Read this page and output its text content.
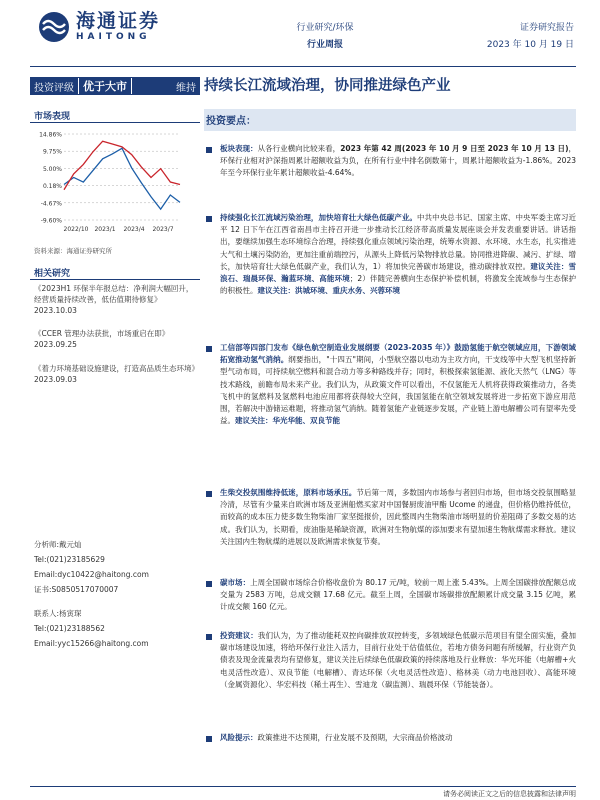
海通证券
HAITONG
行业研究/环保
行业周报
证券研究报告
2023 年 10 月 19 日
投资评级 优于大市	维持 持续长江流域治理，协同推进绿色产业
市场表现
14.86%
9.75%
5.00%
0.18%
-4.67%
-9.60%
2022/10 2023/1 2023/4 2023/7
资料来源：海通证券研究所
相关研究
《2023H1 环保半年报总结：净利润大幅回升，经营质量持续改善，低估值期待修复》
2023.10.03
《CCER 管理办法获批，市场重启在即》
2023.09.25
《着力环境基础设施建设，打造高品质生态环境》
2023.09.03
分析师:戴元灿
Tel:(021)23185629
Email:dyc10422@haitong.com
证书:S0850517070007
联系人:杨寅琛
Tel:(021)23188562
Email:yyc15266@haitong.com
投资要点：
板块表现：从各行业横向比较来看，2023 年第 42 周(2023 年 10 月 9 日至 2023 年 10 月 13 日)，环保行业相对沪深指周累计超额收益为负，在所有行业中排名倒数第十，周累计超额收益为-1.86%。2023 年至今环保行业年累计超额收益-4.64%。
持续强化长江流域污染治理，加快培育壮大绿色低碳产业。中共中央总书记、国家主席、中央军委主席习近平 12 日下午在江西省南昌市主持召开进一步推动长江经济带高质量发展座谈会并发表重要讲话。讲话指出，要继续加强生态环境综合治理，持续强化重点领域污染治理，统筹水资源、水环境、水生态，扎实推进大气和土壤污染防治，更加注重前端控污，从源头上降低污染物排放总量。协同推进降碳、减污、扩绿、增长，加快培育壮大绿色低碳产业，我们认为，1）将加快完善碳市场建设，推动碳排放双控。建议关注：雪浪石、瑞晨环保、瀚蓝环境、高能环境；2）伴随完善横向生态保护补偿机制，将激发全流域参与生态保护的积极性。建议关注：洪城环境、重庆水务、兴蓉环境
工信部等四部门发布《绿色航空制造业发展纲要（2023-2035 年）》鼓励氢能于航空领域应用，下游领域拓宽推动氢气消纳。纲要指出，"十四五"期间，小型航空器以电动为主攻方向，干支线等中大型飞机坚持新型气动布局，可持续航空燃料和混合动力等多种路线并存；同时，积极探索氢能源、液化天然气（LNG）等技术路线，前瞻布局未来产业。我们认为，从政策文件可以看出，不仅氢能无人机将获得政策推动力，各类飞机中的氢燃料及氢燃料电池应用都将获得较大空间，我国氢能在航空领域发展将进一步拓宽下游应用范围，若解决中游储运难题，将推动氢气消纳。随着氢能产业链逐步发展，产业链上游电解槽公司有望率先受益。建议关注：华光华能、双良节能
生柴交投氛围维持低迷，原料市场承压。节后第一周，多数国内市场参与者回归市场，但市场交投氛围略显冷清，尽管有少量来自欧洲市场及亚洲船燃买家对中国餐厨废油甲酯 Ucome 的递盘，但价格仍维持低位，而较高的成本压力使多数生物柴油厂家坚挺报价，因此整周内生物柴油市场明显的价差阻碍了多数交易的达成。我们认为，长期看，废油脂是稀缺资源，欧洲对生物航煤的添加要求有望加速生物航煤需求释放。建议关注国内生物航煤的进展以及欧洲需求恢复节奏。
碳市场：上周全国碳市场综合价格收盘价为 80.17 元/吨，较前一周上涨 5.43%。上周全国碳排放配额总成交量为 2583 万吨，总成交额 17.68 亿元。截至上周，全国碳市场碳排放配额累计成交量 3.15 亿吨，累计成交额 160 亿元。
投资建议：我们认为，为了推动能耗双控向碳排放双控转变，多领域绿色低碳示范项目有望全面实施，叠加碳市场建设加速，将给环保行业注入活力，目前行业处于估值低位，若地方债务问题有所缓解，行业资产负债表及现金流量表均有望修复，建议关注后续绿色低碳政策的持续落地及行业释放：华光环能（电解槽+火电灵活性改造）、双良节能（电解槽）、青达环保（火电灵活性改造）、格林美（动力电池回收）、高能环境（金属资源化）、华宏科技（稀土再生）、雪迪龙（碳监测）、瑞晨环保（节能装备）。
风险提示：政策推进不达预期，行业发展不及预期，大宗商品价格波动
请务必阅读正文之后的信息披露和法律声明
